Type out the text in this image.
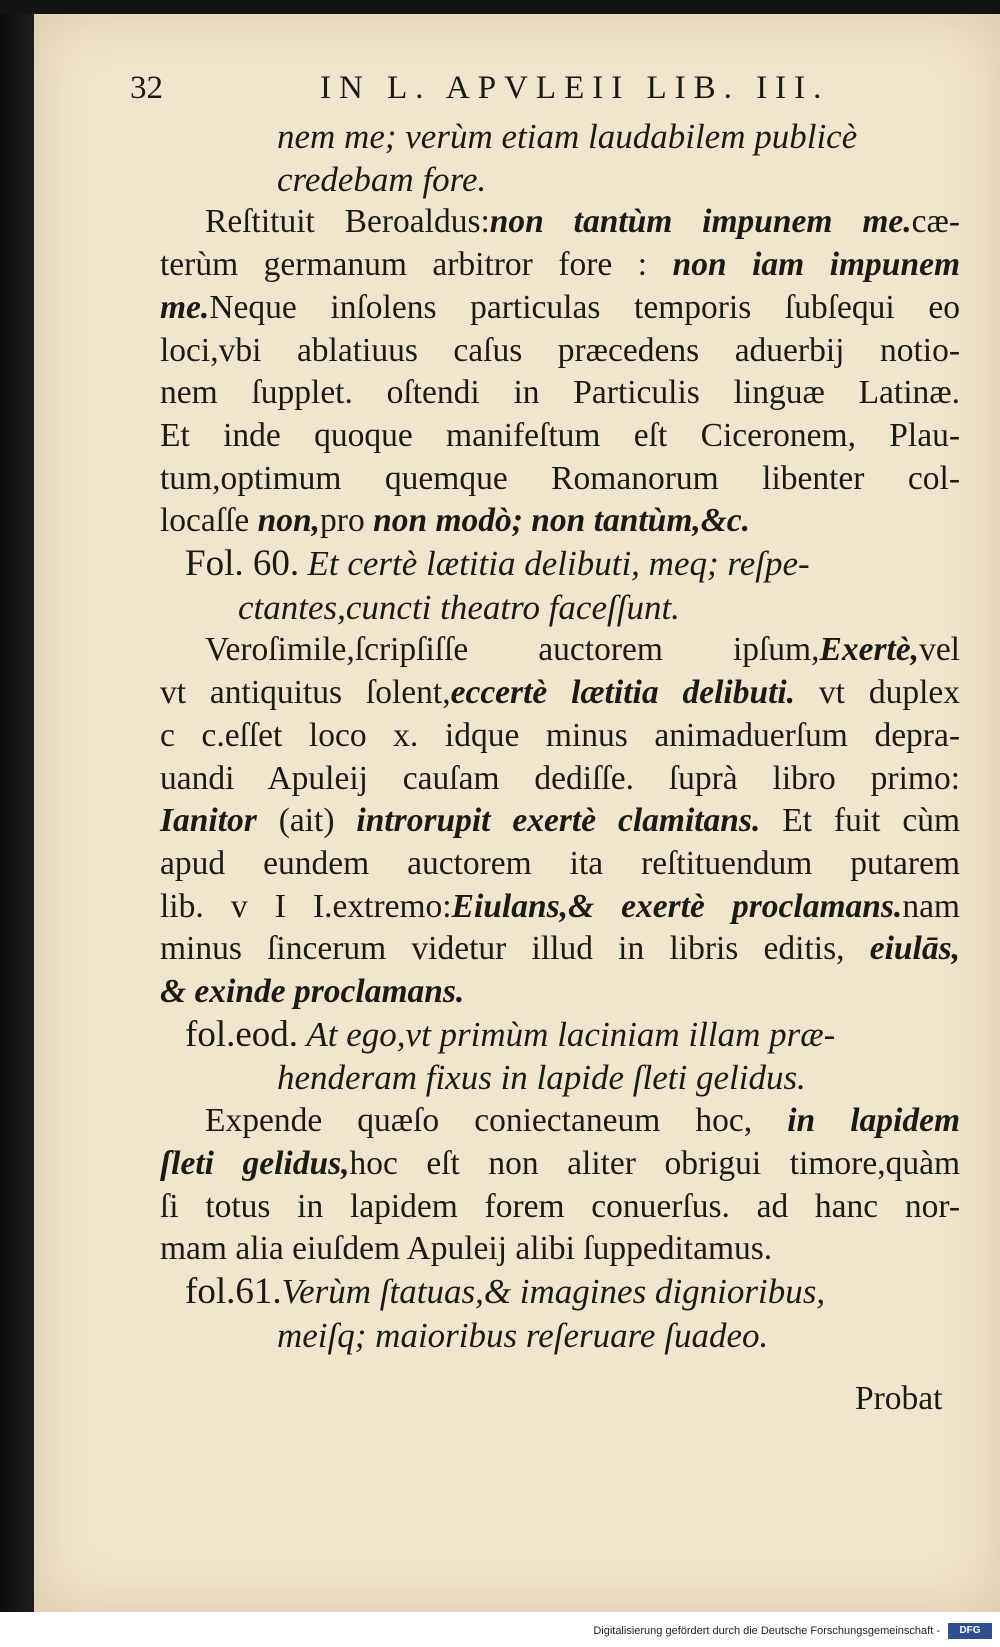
32	IN L. APVLEII LIB. III.
nem me; verùm etiam laudabilem publicè
credebam fore.
Reſtituit Beroaldus:non tantùm impunem me.cæ-
terùm germanum arbitror fore : non iam impunem
me.Neque inſolens particulas temporis ſubſequi eo
loci,vbi ablatiuus caſus præcedens aduerbij notio-
nem ſupplet. oſtendi in Particulis linguæ Latinæ.
Et inde quoque manifeſtum eſt Ciceronem, Plau-
tum,optimum quemque Romanorum libenter col-
locaſſe non,pro non modò; non tantùm,&c.
Fol. 60. Et certè lætitia delibuti, meq; reſpe-
ctantes,cuncti theatro faceſſunt.
Veroſimile,ſcripſiſſe auctorem ipſum,Exertè,vel
vt antiquitus ſolent,eccertè lætitia delibuti. vt duplex
c c.eſſet loco x. idque minus animaduerſum depra-
uandi Apuleij cauſam dediſſe. ſuprà libro primo:
Ianitor (ait) introrupit exertè clamitans. Et fuit cùm
apud eundem auctorem ita reſtituendum putarem
lib. v I I.extremo:Eiulans,& exertè proclamans.nam
minus ſincerum videtur illud in libris editis, eiulās,
& exinde proclamans.
fol.eod. At ego,vt primùm laciniam illam præ-
henderam fixus in lapide ſleti gelidus.
Expende quæſo coniectaneum hoc, in lapidem
ſleti gelidus,hoc eſt non aliter obrigui timore,quàm
ſi totus in lapidem forem conuerſus. ad hanc nor-
mam alia eiuſdem Apuleij alibi ſuppeditamus.
fol.61.Verùm ſtatuas,& imagines dignioribus,
meiſq; maioribus reſeruare ſuadeo.
Probat
Digitalisierung gefördert durch die Deutsche Forschungsgemeinschaft -	DFG
